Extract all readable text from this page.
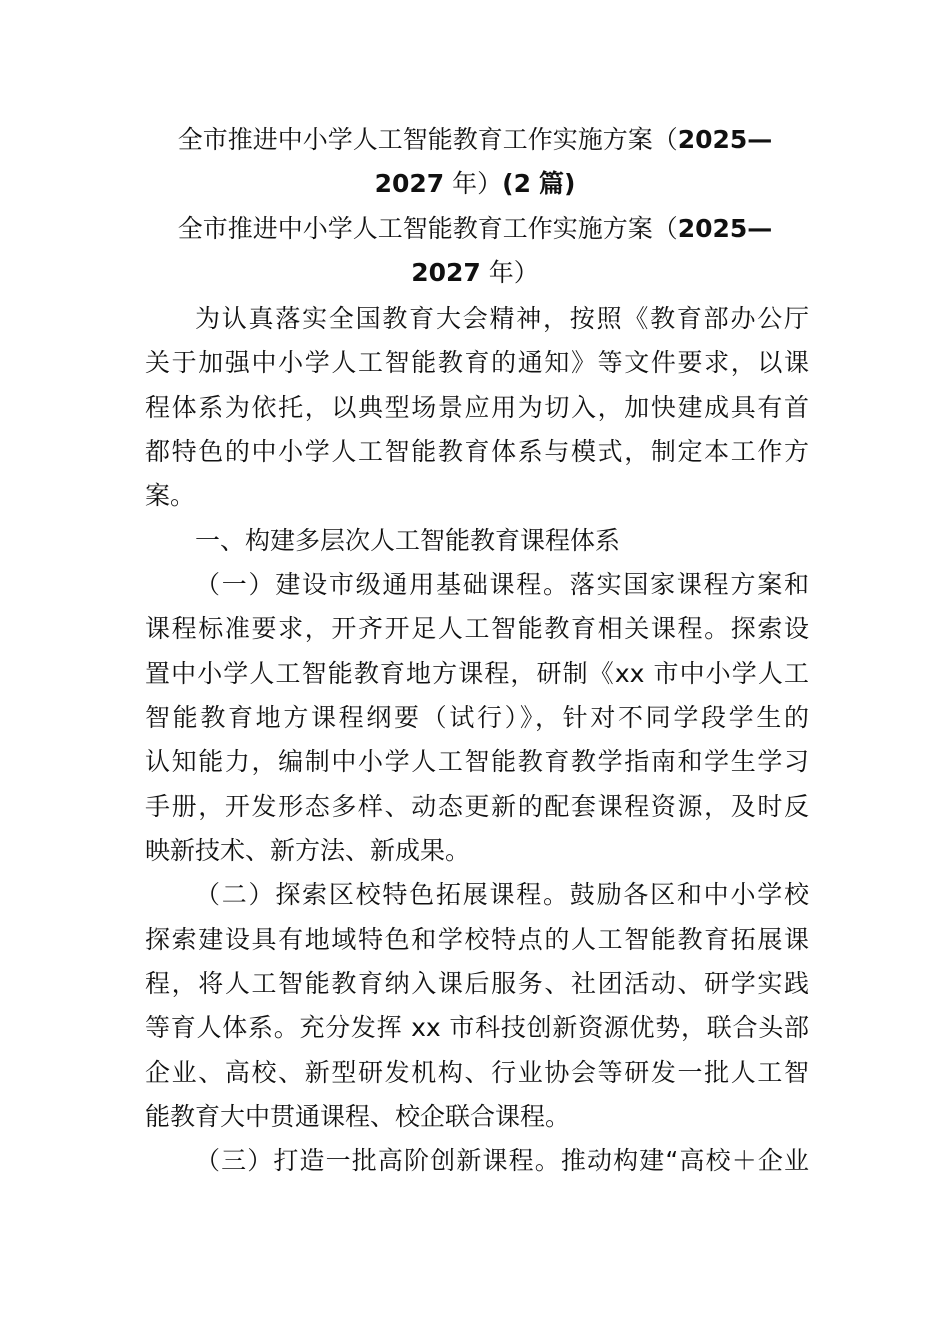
全市推进中小学人工智能教育工作实施方案（2025—
2027 年）(2 篇)
全市推进中小学人工智能教育工作实施方案（2025—
2027 年）
为认真落实全国教育大会精神，按照《教育部办公厅
关于加强中小学人工智能教育的通知》等文件要求，以课
程体系为依托，以典型场景应用为切入，加快建成具有首
都特色的中小学人工智能教育体系与模式，制定本工作方
案。
一、构建多层次人工智能教育课程体系
（一）建设市级通用基础课程。落实国家课程方案和
课程标准要求，开齐开足人工智能教育相关课程。探索设
置中小学人工智能教育地方课程，研制《xx 市中小学人工
智能教育地方课程纲要（试行）》，针对不同学段学生的
认知能力，编制中小学人工智能教育教学指南和学生学习
手册，开发形态多样、动态更新的配套课程资源，及时反
映新技术、新方法、新成果。
（二）探索区校特色拓展课程。鼓励各区和中小学校
探索建设具有地域特色和学校特点的人工智能教育拓展课
程，将人工智能教育纳入课后服务、社团活动、研学实践
等育人体系。充分发挥 xx 市科技创新资源优势，联合头部
企业、高校、新型研发机构、行业协会等研发一批人工智
能教育大中贯通课程、校企联合课程。
（三）打造一批高阶创新课程。推动构建“高校＋企业
